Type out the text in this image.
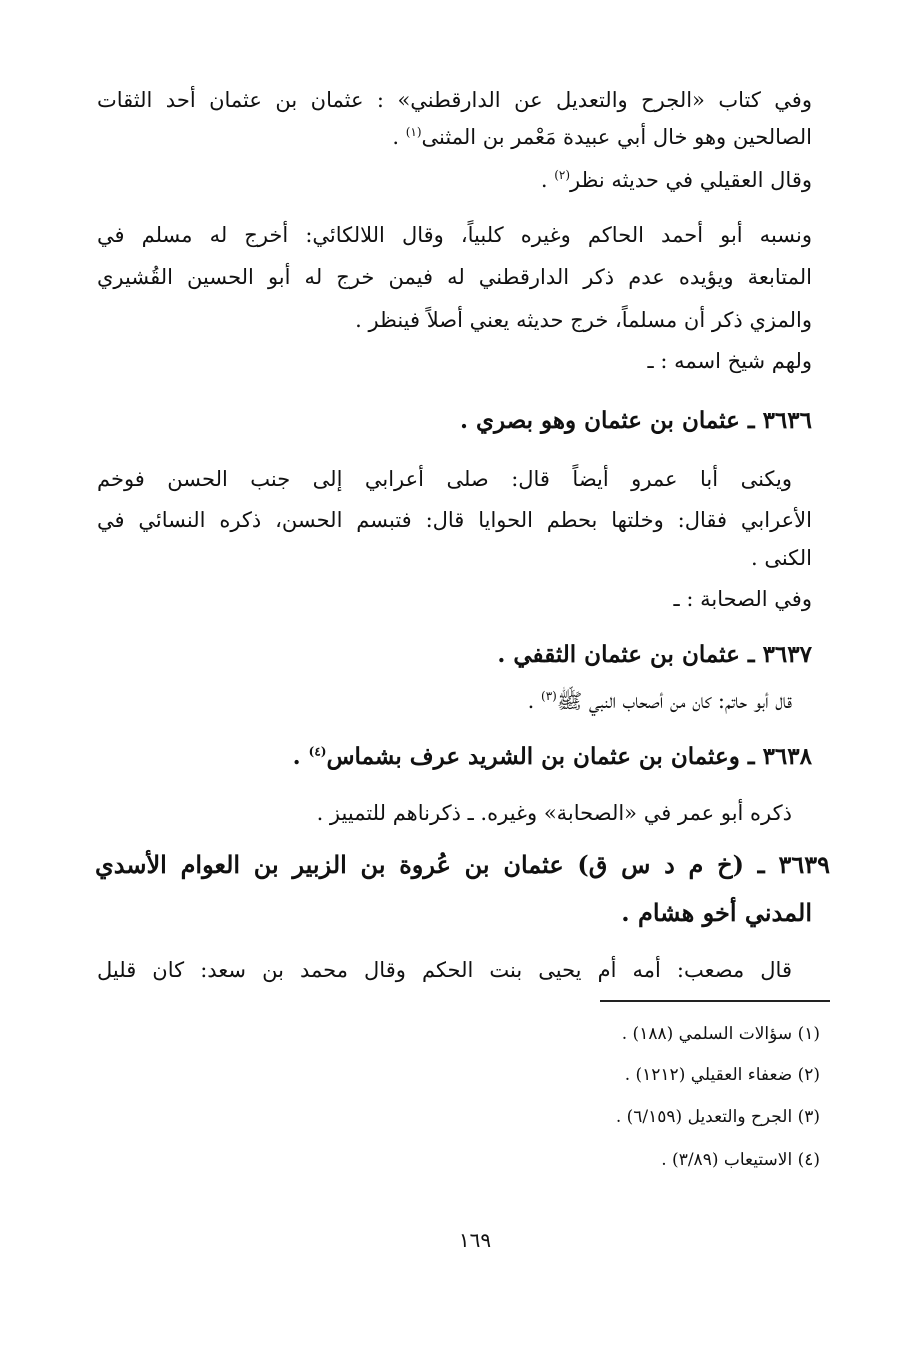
وفي كتاب «الجرح والتعديل عن الدارقطني» : عثمان بن عثمان أحد الثقات
الصالحين وهو خال أبي عبيدة مَعْمر بن المثنى$^{(١)}$ .
وقال العقيلي في حديثه نظر$^{(٢)}$ .
ونسبه أبو أحمد الحاكم وغيره كلبياً، وقال اللالكائي: أخرج له مسلم في
المتابعة ويؤيده عدم ذكر الدارقطني له فيمن خرج له أبو الحسين القُشيري
والمزي ذكر أن مسلماً، خرج حديثه يعني أصلاً فينظر .
ولهم شيخ اسمه : ـ
٣٦٣٦ ـ عثمان بن عثمان وهو بصري .
ويكنى أبا عمرو أيضاً قال: صلى أعرابي إلى جنب الحسن فوخم
الأعرابي فقال: وخلتها بحطم الحوايا قال: فتبسم الحسن، ذكره النسائي في
الكنى .
وفي الصحابة : ـ
٣٦٣٧ ـ عثمان بن عثمان الثقفي .
قال أبو حاتم: كان من أصحاب النبي ﷺ$^{(٣)}$ .
٣٦٣٨ ـ وعثمان بن عثمان بن الشريد عرف بشماس$^{(٤)}$ .
ذكره أبو عمر في «الصحابة» وغيره. ـ ذكرناهم للتمييز .
٣٦٣٩ ـ (خ م د س ق) عثمان بن عُروة بن الزبير بن العوام الأسدي
المدني أخو هشام .
قال مصعب: أمه أم يحيى بنت الحكم وقال محمد بن سعد: كان قليل
(١) سؤالات السلمي (١٨٨) .
(٢) ضعفاء العقيلي (١٢١٢) .
(٣) الجرح والتعديل (٦/١٥٩) .
(٤) الاستيعاب (٣/٨٩) .
١٦٩
